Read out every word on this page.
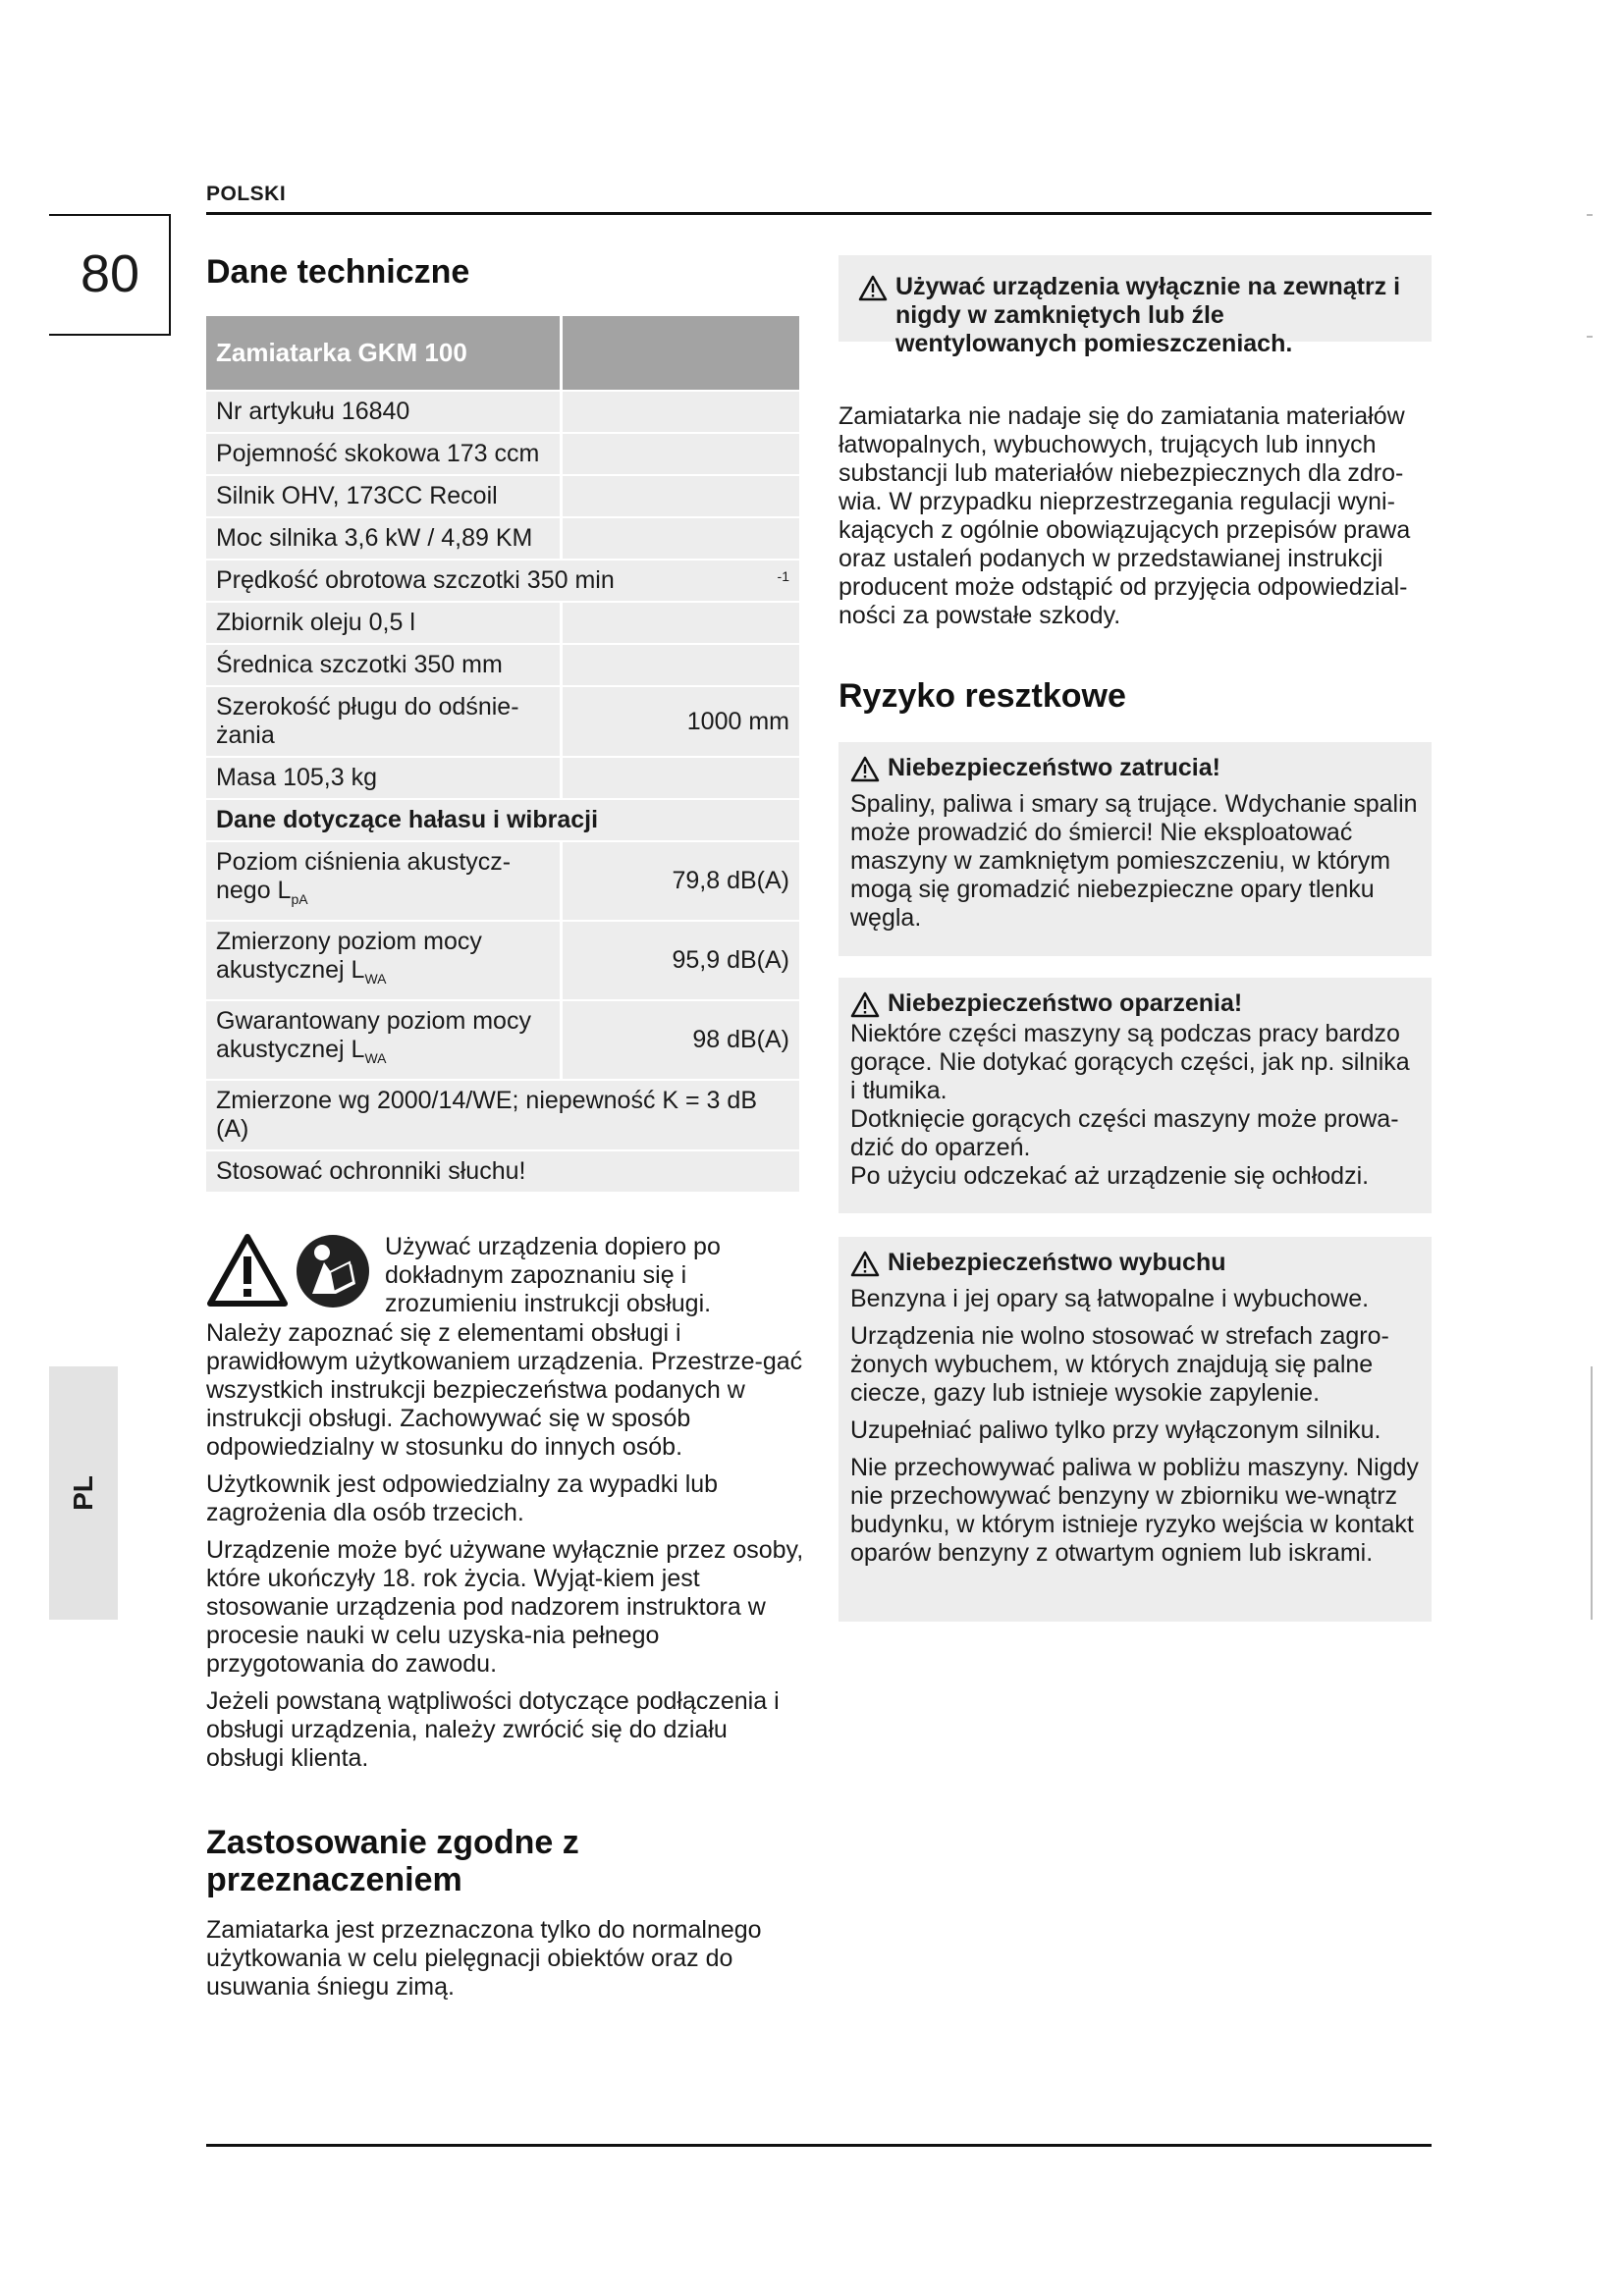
POLSKI
80
PL
Dane techniczne
Zamiatarka GKM 100	
Nr artykułu 16840	
Pojemność skokowa 173 ccm	
Silnik OHV, 173CC Recoil	
Moc silnika 3,6 kW / 4,89 KM	
Prędkość obrotowa szczotki 350 min -1	

Zbiornik oleju 0,5 l	
Średnica szczotki 350 mm	
Szerokość pługu do odśnie-żania	1000 mm
Masa 105,3 kg	
Dane dotyczące hałasu i wibracji	
Poziom ciśnienia akustycz-nego $L_{pA}$	79,8 dB(A)
Zmierzony poziom mocy akustycznej $L_{WA}$	95,9 dB(A)
Gwarantowany poziom mocy akustycznej $L_{WA}$	98 dB(A)
Zmierzone wg 2000/14/WE; niepewność K = 3 dB (A)	
Stosować ochronniki słuchu!	
Używać urządzenia dopiero po dokładnym zapoznaniu się i zrozumieniu instrukcji obsługi.

Należy zapoznać się z elementami obsługi i prawidłowym użytkowaniem urządzenia. Przestrze-gać wszystkich instrukcji bezpieczeństwa podanych w instrukcji obsługi. Zachowywać się w sposób odpowiedzialny w stosunku do innych osób.

Użytkownik jest odpowiedzialny za wypadki lub zagrożenia dla osób trzecich.

Urządzenie może być używane wyłącznie przez osoby, które ukończyły 18. rok życia. Wyjąt-kiem jest stosowanie urządzenia pod nadzorem instruktora w procesie nauki w celu uzyska-nia pełnego przygotowania do zawodu.

Jeżeli powstaną wątpliwości dotyczące podłączenia i obsługi urządzenia, należy zwrócić się do działu obsługi klienta.

Zastosowanie zgodne z przeznaczeniem

Zamiatarka jest przeznaczona tylko do normalnego użytkowania w celu pielęgnacji obiektów oraz do usuwania śniegu zimą.

Używać urządzenia wyłącznie na zewnątrz i nigdy w zamkniętych lub źle wentylowanych pomieszczeniach.

Zamiatarka nie nadaje się do zamiatania materiałów łatwopalnych, wybuchowych, trujących lub innych substancji lub materiałów niebezpiecznych dla zdro-wia. W przypadku nieprzestrzegania regulacji wyni-kających z ogólnie obowiązujących przepisów prawa oraz ustaleń podanych w przedstawianej instrukcji producent może odstąpić od przyjęcia odpowiedzial-ności za powstałe szkody.

Ryzyko resztkowe
Niebezpieczeństwo zatrucia!

Spaliny, paliwa i smary są trujące. Wdychanie spalin może prowadzić do śmierci! Nie eksploatować maszyny w zamkniętym pomieszczeniu, w którym mogą się gromadzić niebezpieczne opary tlenku węgla.

Niebezpieczeństwo oparzenia!

Niektóre części maszyny są podczas pracy bardzo gorące. Nie dotykać gorących części, jak np. silnika i tłumika.

Dotknięcie gorących części maszyny może prowa-dzić do oparzeń.

Po użyciu odczekać aż urządzenie się ochłodzi.

Niebezpieczeństwo wybuchu

Benzyna i jej opary są łatwopalne i wybuchowe.

Urządzenia nie wolno stosować w strefach zagro-żonych wybuchem, w których znajdują się palne ciecze, gazy lub istnieje wysokie zapylenie.

Uzupełniać paliwo tylko przy wyłączonym silniku.

Nie przechowywać paliwa w pobliżu maszyny. Nigdy nie przechowywać benzyny w zbiorniku we-wnątrz budynku, w którym istnieje ryzyko wejścia w kontakt oparów benzyny z otwartym ogniem lub iskrami.
